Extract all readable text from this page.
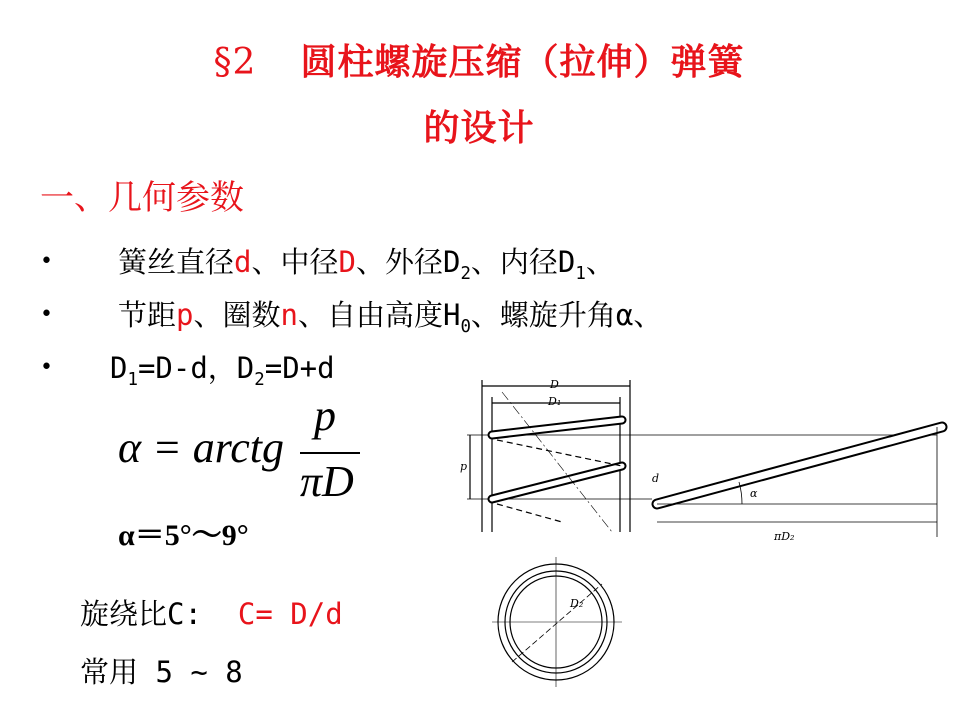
§2 圆柱螺旋压缩（拉伸）弹簧
的设计
一、几何参数
• 簧丝直径d、中径D、外径$D_2$、内径$D_1$、
• 节距p、圈数n、自由高度$H_0$、螺旋升角α、
• $D_1=D-d$，$D_2=D+d$
α = arctg
p
πD
α＝5°～9°
旋绕比C: C= D/d
常用 5 ~ 8
D
D₁
p
d
α
πD₂
D₂
